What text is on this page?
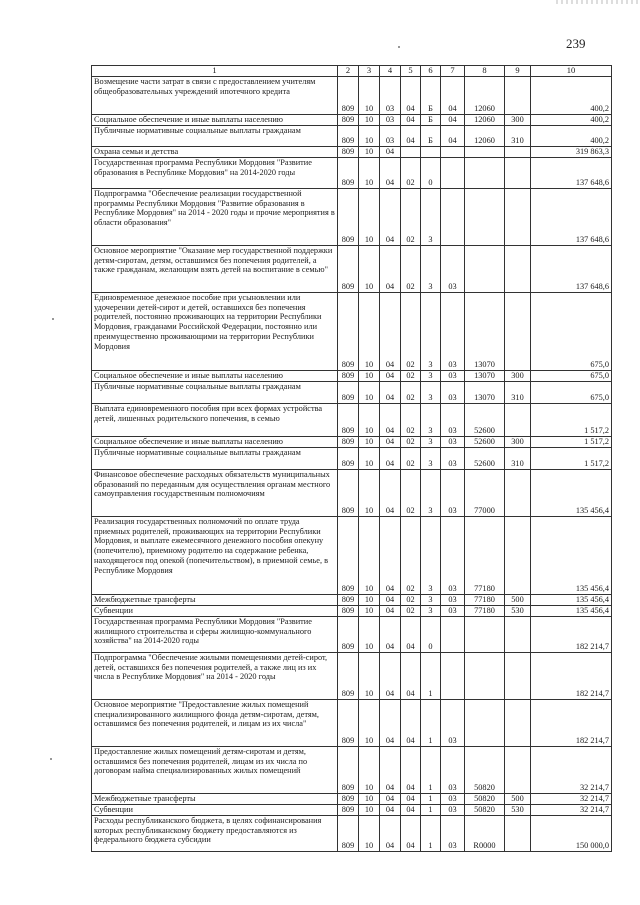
239
1	2	3	4	5	6	7	8	9	10
Возмещение части затрат в связи с предоставлением учителям общеобразовательных учреждений ипотечного кредита	809	10	03	04	Б	04	12060		400,2
Социальное обеспечение и иные выплаты населению	809	10	03	04	Б	04	12060	300	400,2
Публичные нормативные социальные выплаты гражданам	809	10	03	04	Б	04	12060	310	400,2
Охрана семьи и детства	809	10	04						319 863,3
Государственная программа Республики Мордовия "Развитие образования в Республике Мордовия" на 2014-2020 годы	809	10	04	02	0				137 648,6
Подпрограмма "Обеспечение реализации государственной программы Республики Мордовия "Развитие образования в Республике Мордовия" на 2014 - 2020 годы и прочие мероприятия в области образования"	809	10	04	02	3				137 648,6
Основное мероприятие "Оказание мер государственной поддержки детям-сиротам, детям, оставшимся без попечения родителей, а также гражданам, желающим взять детей на воспитание в семью"	809	10	04	02	3	03			137 648,6
Единовременное денежное пособие при усыновлении или удочерении детей-сирот и детей, оставшихся без попечения родителей, постоянно проживающих на территории Республики Мордовия, гражданами Российской Федерации, постоянно или преимущественно проживающими на территории Республики Мордовия	809	10	04	02	3	03	13070		675,0
Социальное обеспечение и иные выплаты населению	809	10	04	02	3	03	13070	300	675,0
Публичные нормативные социальные выплаты гражданам	809	10	04	02	3	03	13070	310	675,0
Выплата единовременного пособия при всех формах устройства детей, лишенных родительского попечения, в семью	809	10	04	02	3	03	52600		1 517,2
Социальное обеспечение и иные выплаты населению	809	10	04	02	3	03	52600	300	1 517,2
Публичные нормативные социальные выплаты гражданам	809	10	04	02	3	03	52600	310	1 517,2
Финансовое обеспечение расходных обязательств муниципальных образований по переданным для осуществления органам местного самоуправления государственным полномочиям	809	10	04	02	3	03	77000		135 456,4
Реализация государственных полномочий по оплате труда приемных родителей, проживающих на территории Республики Мордовия, и выплате ежемесячного денежного пособия опекуну (попечителю), приемному родителю на содержание ребенка, находящегося под опекой (попечительством), в приемной семье, в Республике Мордовия	809	10	04	02	3	03	77180		135 456,4
Межбюджетные трансферты	809	10	04	02	3	03	77180	500	135 456,4
Субвенции	809	10	04	02	3	03	77180	530	135 456,4
Государственная программа Республики Мордовия "Развитие жилищного строительства и сферы жилищно-коммунального хозяйства" на 2014-2020 годы	809	10	04	04	0				182 214,7
Подпрограмма "Обеспечение жилыми помещениями детей-сирот, детей, оставшихся без попечения родителей, а также лиц из их числа в Республике Мордовия" на 2014 - 2020 годы	809	10	04	04	1				182 214,7
Основное мероприятие "Предоставление жилых помещений специализированного жилищного фонда детям-сиротам, детям, оставшимся без попечения родителей, и лицам из их числа"	809	10	04	04	1	03			182 214,7
Предоставление жилых помещений детям-сиротам и детям, оставшимся без попечения родителей, лицам из их числа по договорам найма специализированных жилых помещений	809	10	04	04	1	03	50820		32 214,7
Межбюджетные трансферты	809	10	04	04	1	03	50820	500	32 214,7
Субвенции	809	10	04	04	1	03	50820	530	32 214,7
Расходы республиканского бюджета, в целях софинансирования которых республиканскому бюджету предоставляются из федерального бюджета субсидии	809	10	04	04	1	03	R0000		150 000,0
